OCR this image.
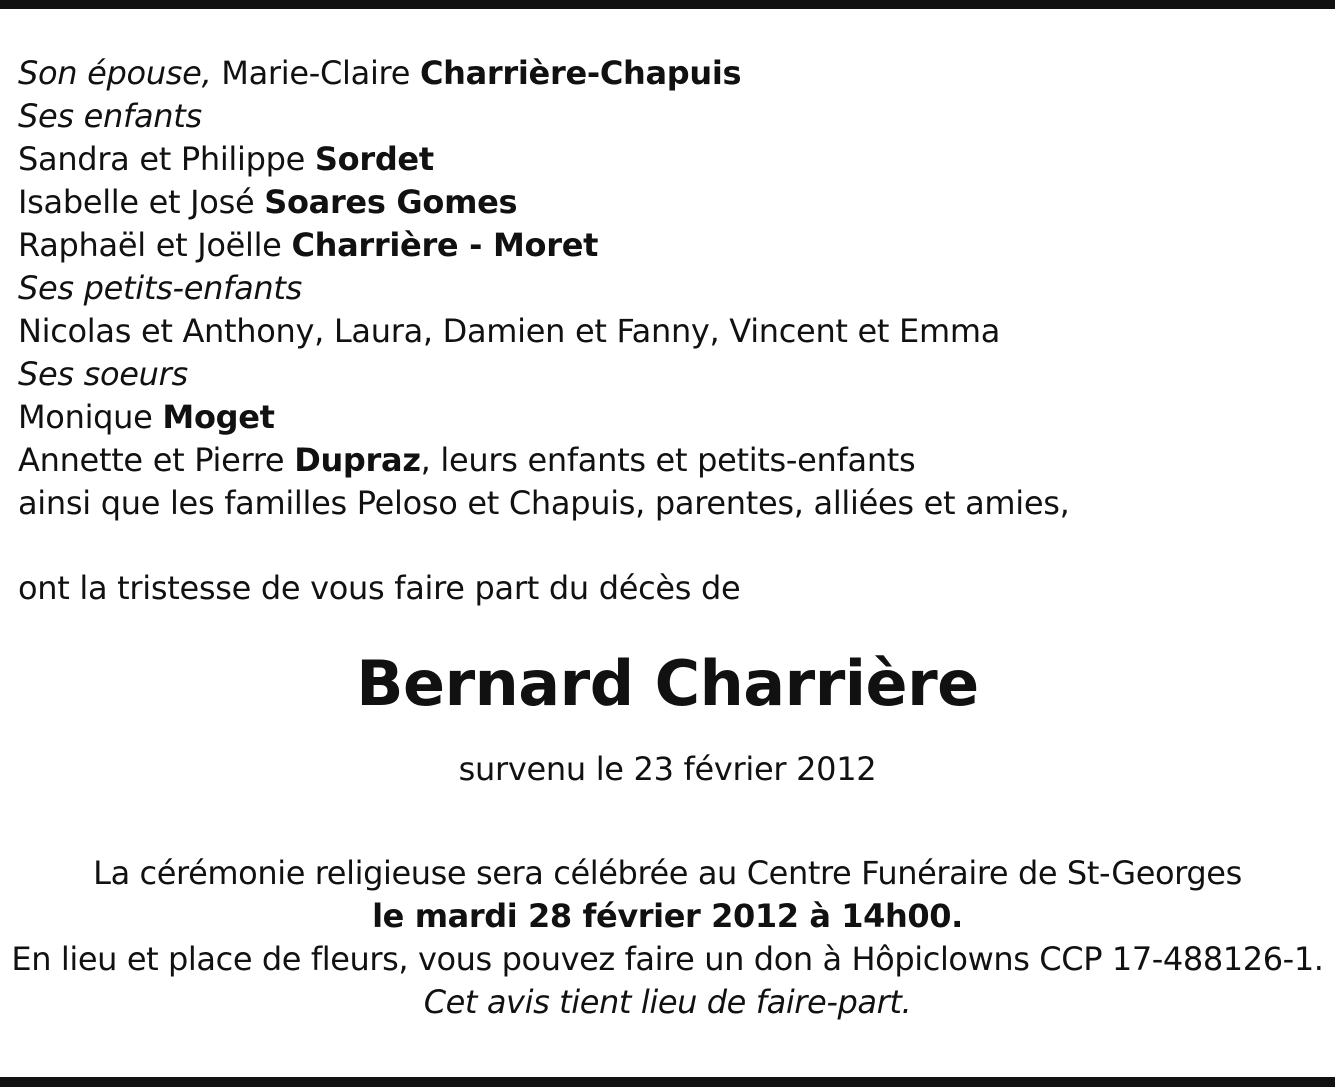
Son épouse, Marie-Claire Charrière-Chapuis
Ses enfants
Sandra et Philippe Sordet
Isabelle et José Soares Gomes
Raphaël et Joëlle Charrière - Moret
Ses petits-enfants
Nicolas et Anthony, Laura, Damien et Fanny, Vincent et Emma
Ses soeurs
Monique Moget
Annette et Pierre Dupraz, leurs enfants et petits-enfants
ainsi que les familles Peloso et Chapuis, parentes, alliées et amies,
ont la tristesse de vous faire part du décès de
Bernard Charrière
survenu le 23 février 2012
La cérémonie religieuse sera célébrée au Centre Funéraire de St-Georges
le mardi 28 février 2012 à 14h00.
En lieu et place de fleurs, vous pouvez faire un don à Hôpiclowns CCP 17-488126-1.
Cet avis tient lieu de faire-part.
